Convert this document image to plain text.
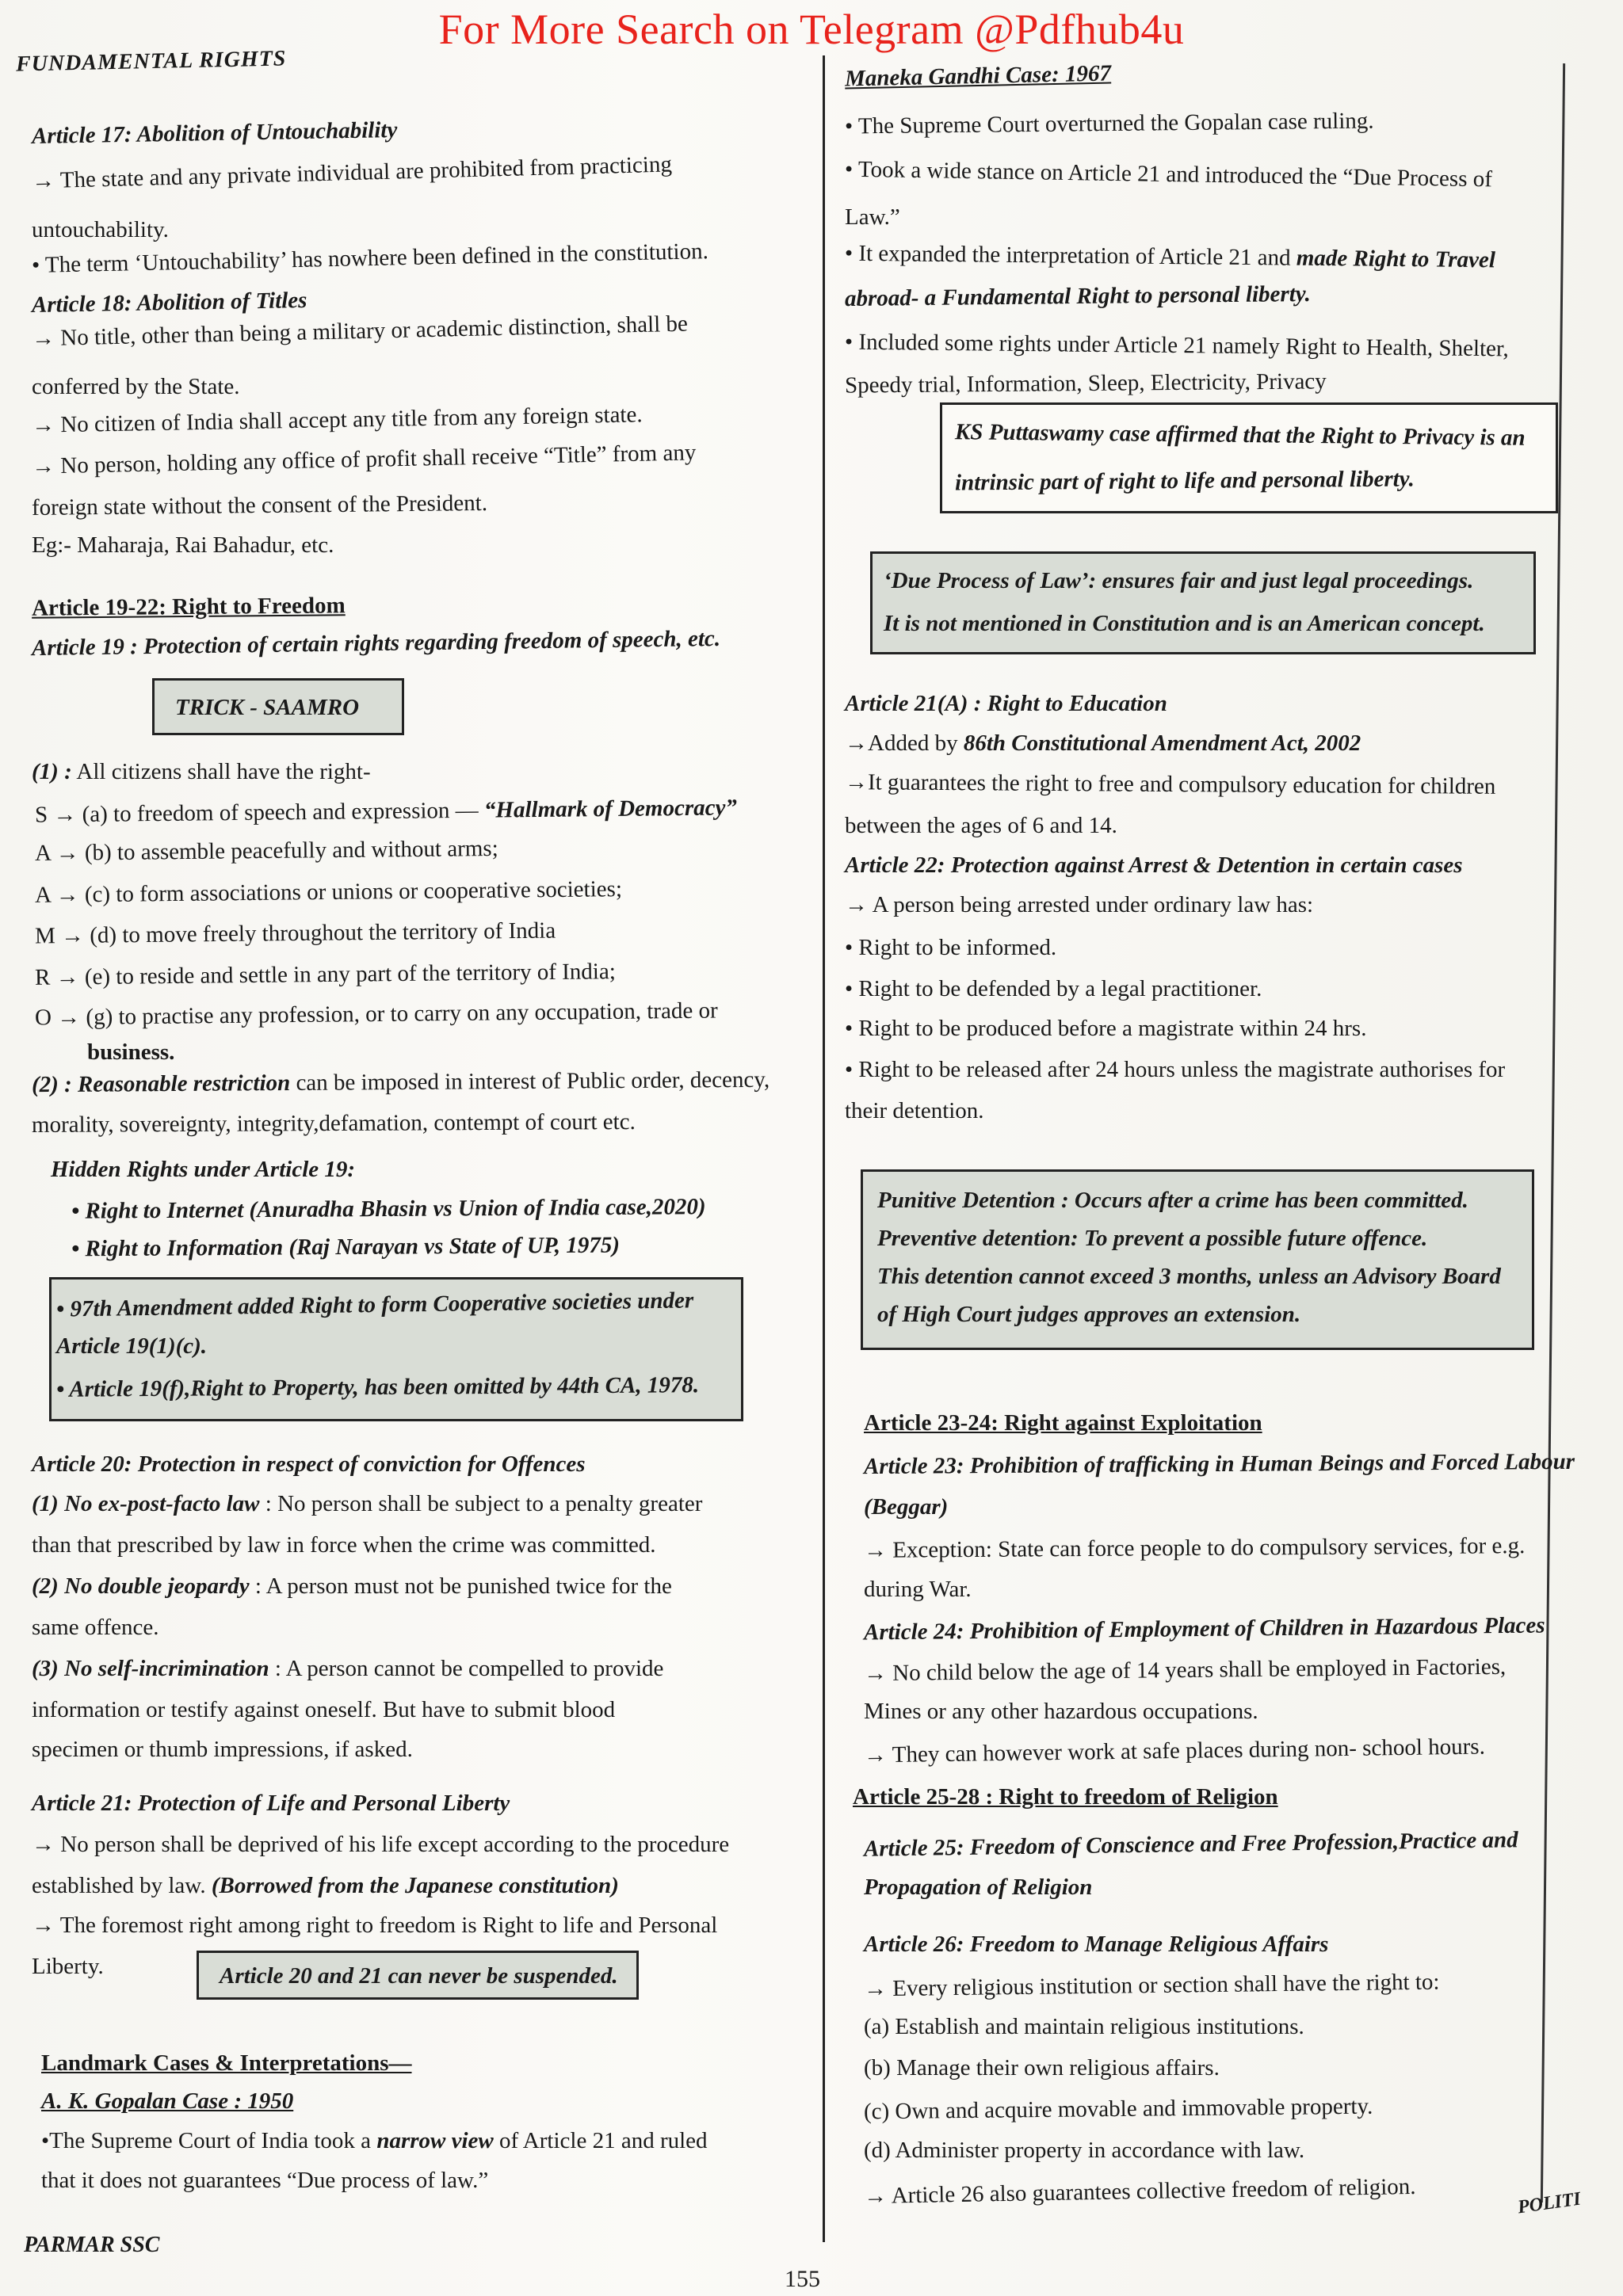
For More Search on Telegram @Pdfhub4u
FUNDAMENTAL RIGHTS
Article 17: Abolition of Untouchability
→ The state and any private individual are prohibited from practicing
untouchability.
• The term ‘Untouchability’ has nowhere been defined in the constitution.
Article 18: Abolition of Titles
→ No title, other than being a military or academic distinction, shall be
conferred by the State.
→ No citizen of India shall accept any title from any foreign state.
→ No person, holding any office of profit shall receive “Title” from any
foreign state without the consent of the President.
Eg:- Maharaja, Rai Bahadur, etc.
Article 19-22: Right to Freedom
Article 19 : Protection of certain rights regarding freedom of speech, etc.
TRICK - SAAMRO
(1) : All citizens shall have the right-
S → (a) to freedom of speech and expression — “Hallmark of Democracy”
A → (b) to assemble peacefully and without arms;
A → (c) to form associations or unions or cooperative societies;
M → (d) to move freely throughout the territory of India
R → (e) to reside and settle in any part of the territory of India;
O → (g) to practise any profession, or to carry on any occupation, trade or
business.
(2) : Reasonable restriction can be imposed in interest of Public order, decency,
morality, sovereignty, integrity,defamation, contempt of court etc.
Hidden Rights under Article 19:
• Right to Internet (Anuradha Bhasin vs Union of India case,2020)
• Right to Information (Raj Narayan vs State of UP, 1975)
• 97th Amendment added Right to form Cooperative societies under
Article 19(1)(c).
• Article 19(f),Right to Property, has been omitted by 44th CA, 1978.
Article 20: Protection in respect of conviction for Offences
(1) No ex-post-facto law : No person shall be subject to a penalty greater
than that prescribed by law in force when the crime was committed.
(2) No double jeopardy : A person must not be punished twice for the
same offence.
(3) No self-incrimination : A person cannot be compelled to provide
information or testify against oneself. But have to submit blood
specimen or thumb impressions, if asked.
Article 21: Protection of Life and Personal Liberty
→ No person shall be deprived of his life except according to the procedure
established by law. (Borrowed from the Japanese constitution)
→ The foremost right among right to freedom is Right to life and Personal
Liberty.	Article 20 and 21 can never be suspended.
Landmark Cases & Interpretations—
A. K. Gopalan Case : 1950
•The Supreme Court of India took a narrow view of Article 21 and ruled
that it does not guarantees “Due process of law.”
Maneka Gandhi Case: 1967
• The Supreme Court overturned the Gopalan case ruling.
• Took a wide stance on Article 21 and introduced the “Due Process of
Law.”
• It expanded the interpretation of Article 21 and made Right to Travel
abroad- a Fundamental Right to personal liberty.
• Included some rights under Article 21 namely Right to Health, Shelter,
Speedy trial, Information, Sleep, Electricity, Privacy
KS Puttaswamy case affirmed that the Right to Privacy is an
intrinsic part of right to life and personal liberty.
‘Due Process of Law’: ensures fair and just legal proceedings.
It is not mentioned in Constitution and is an American concept.
Article 21(A) : Right to Education
→Added by 86th Constitutional Amendment Act, 2002
→It guarantees the right to free and compulsory education for children
between the ages of 6 and 14.
Article 22: Protection against Arrest & Detention in certain cases
→ A person being arrested under ordinary law has:
• Right to be informed.
• Right to be defended by a legal practitioner.
• Right to be produced before a magistrate within 24 hrs.
• Right to be released after 24 hours unless the magistrate authorises for
their detention.
Punitive Detention : Occurs after a crime has been committed.
Preventive detention: To prevent a possible future offence.
This detention cannot exceed 3 months, unless an Advisory Board
of High Court judges approves an extension.
Article 23-24: Right against Exploitation
Article 23: Prohibition of trafficking in Human Beings and Forced Labour
(Beggar)
→ Exception: State can force people to do compulsory services, for e.g.
during War.
Article 24: Prohibition of Employment of Children in Hazardous Places
→ No child below the age of 14 years shall be employed in Factories,
Mines or any other hazardous occupations.
→ They can however work at safe places during non- school hours.
Article 25-28 : Right to freedom of Religion
Article 25: Freedom of Conscience and Free Profession,Practice and
Propagation of Religion
Article 26: Freedom to Manage Religious Affairs
→ Every religious institution or section shall have the right to:
(a) Establish and maintain religious institutions.
(b) Manage their own religious affairs.
(c) Own and acquire movable and immovable property.
(d) Administer property in accordance with law.
→ Article 26 also guarantees collective freedom of religion.
PARMAR SSC
155
POLITI
